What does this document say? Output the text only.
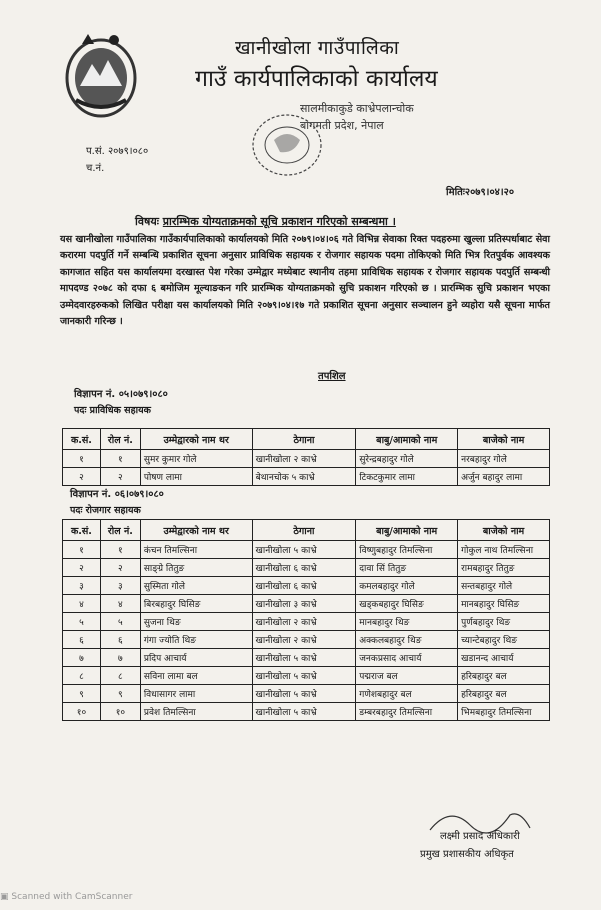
खानीखोला गाउँपालिका
गाउँ कार्यपालिकाको कार्यालय
सालमीकाकुडे काभ्रेपलान्चोक
बागमती प्रदेश, नेपाल
प.सं. २०७९।०८०
च.नं.
मितिः२०७९।०४।२०
विषयः प्रारम्भिक योग्यताक्रमको सूचि प्रकाशन गरिएको सम्बन्धमा ।

यस खानीखोला गाउँपालिका गाउँकार्यपालिकाको कार्यालयको मिति २०७९।०४।०६ गते विभिन्न सेवाका रिक्त पदहरुमा खुल्ला प्रतिस्पर्धाबाट सेवा करारमा पदपुर्ति गर्ने सम्बन्धि प्रकाशित सूचना अनुसार प्राविधिक सहायक र रोजगार सहायक पदमा तोकिएको मिति भित्र रितपुर्वक आवश्यक कागजात सहित यस कार्यालयमा दरखास्त पेश गरेका उम्मेद्वार मध्येबाट स्थानीय तहमा प्राविधिक सहायक र रोजगार सहायक पदपुर्ति सम्बन्धी मापदण्ड २०७८ को दफा ६ बमोजिम मूल्याङकन गरि प्रारम्भिक योग्यताक्रमको सुचि प्रकाशन गरिएको छ । प्रारम्भिक सुचि प्रकाशन भएका उम्मेदवारहरुकको लिखित परीक्षा यस कार्यालयको मिति २०७९।०४।१७ गते प्रकाशित सूचना अनुसार सञ्चालन हुने व्यहोरा यसै सूचना मार्फत जानकारी गरिन्छ ।

तपशिल
विज्ञापन नं. ०५।०७९।०८०
पदः प्राविधिक सहायक
क.सं.	रोल नं.	उम्मेद्वारको नाम थर	ठेगाना	बाबु/आमाको नाम	बाजेको नाम
१	१	सुमर कुमार गोले	खानीखोला २ काभ्रे	सुरेन्द्रबहादुर गोले	नरबहादुर गोले
२	२	पोषण लामा	बेथानचोक ५ काभ्रे	टिकटकुमार लामा	अर्जुन बहादुर लामा
विज्ञापन नं. ०६।०७९।०८०
पदः रोजगार सहायक
क.सं.	रोल नं.	उम्मेद्वारको नाम थर	ठेगाना	बाबु/आमाको नाम	बाजेको नाम
१	१	कंचन तिमल्सिना	खानीखोला ५ काभ्रे	विष्णुबहादुर तिमल्सिना	गोकुल नाथ तिमल्सिना
२	२	साङ्ग्रे तितुङ	खानीखोला ६ काभ्रे	दावा सिं तितुङ	रामबहादुर तितुङ
३	३	सुस्मिता गोले	खानीखोला ६ काभ्रे	कमलबहादुर गोले	सन्तबहादुर गोले
४	४	बिरबहादुर घिसिङ	खानीखोला ३ काभ्रे	खड्कबहादुर घिसिङ	मानबहादुर घिसिङ
५	५	सुजना थिङ	खानीखोला २ काभ्रे	मानबहादुर थिङ	पुर्णबहादुर थिङ
६	६	गंगा ज्योति थिङ	खानीखोला २ काभ्रे	अक्कलबहादुर थिङ	च्यान्टेबहादुर थिङ
७	७	प्रदिप आचार्य	खानीखोला ५ काभ्रे	जनकप्रसाद आचार्य	खडानन्द आचार्य
८	८	सविना लामा बल	खानीखोला ५ काभ्रे	पद्मराज बल	हरिबहादुर बल
९	९	विधासागर लामा	खानीखोला ५ काभ्रे	गणेशबहादुर बल	हरिबहादुर बल
१०	१०	प्रवेश तिमल्सिना	खानीखोला ५ काभ्रे	डम्बरबहादुर तिमल्सिना	भिमबहादुर तिमल्सिना
लक्ष्मी प्रसाद अधिकारी
प्रमुख प्रशासकीय अधिकृत
▣ Scanned with CamScanner
